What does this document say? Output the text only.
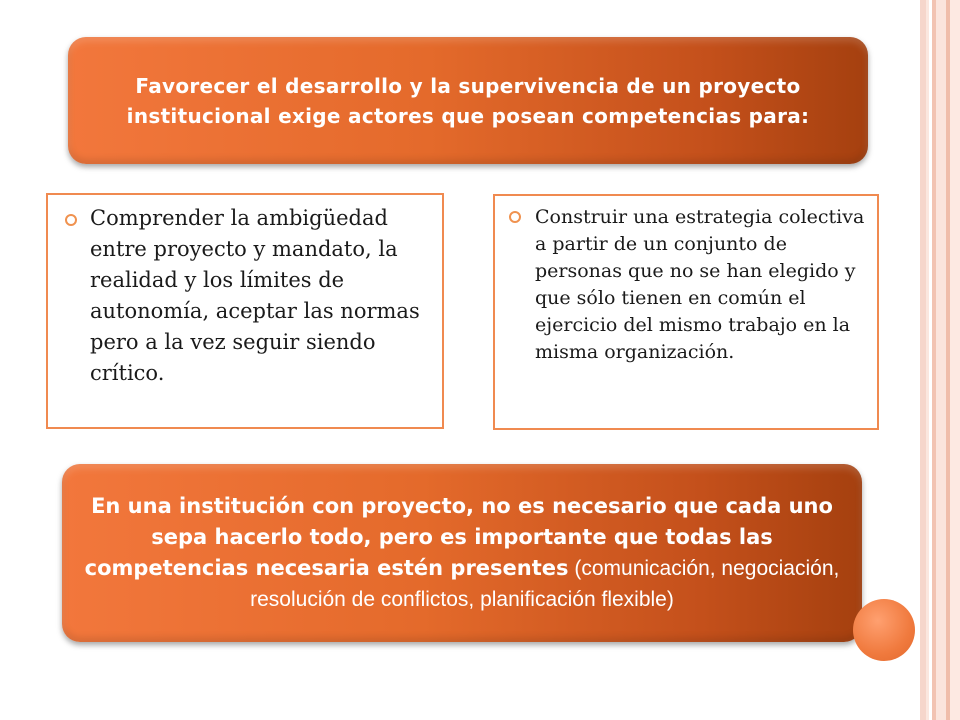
Favorecer el desarrollo y la supervivencia de un proyecto institucional exige actores que posean competencias para:
Comprender la ambigüedad entre proyecto y mandato, la realidad y los límites de autonomía, aceptar las normas pero a la vez seguir siendo crítico.
Construir una estrategia colectiva a partir de un conjunto de personas que no se han elegido y que sólo tienen en común el ejercicio del mismo trabajo en la misma organización.
En una institución con proyecto, no es necesario que cada uno sepa hacerlo todo, pero es importante que todas las competencias necesaria estén presentes (comunicación, negociación, resolución de conflictos, planificación flexible)
